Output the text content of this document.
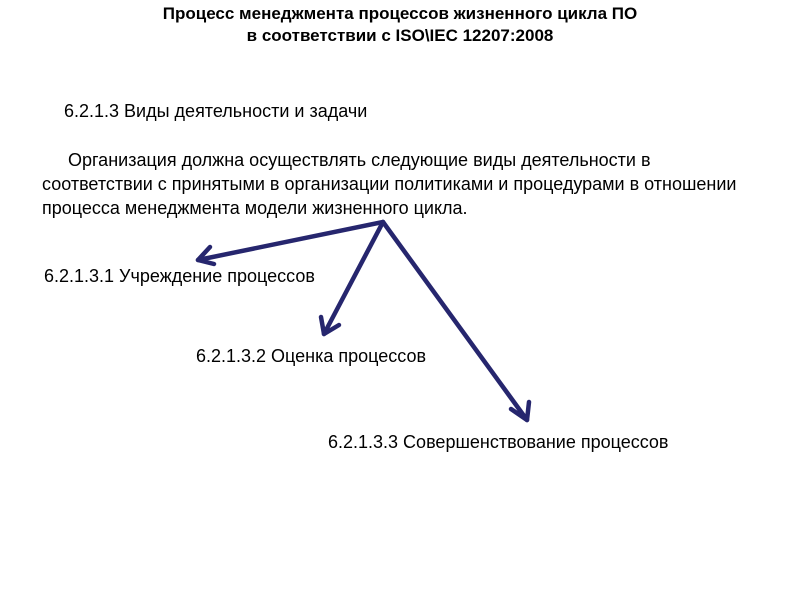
Процесс менеджмента процессов жизненного цикла ПО
в соответствии с ISO\IEC 12207:2008
6.2.1.3 Виды деятельности и задачи
Организация должна осуществлять следующие виды деятельности в соответствии с принятыми в организации политиками и процедурами в отношении процесса менеджмента модели жизненного цикла.
6.2.1.3.1 Учреждение процессов
6.2.1.3.2 Оценка процессов
6.2.1.3.3 Совершенствование процессов
